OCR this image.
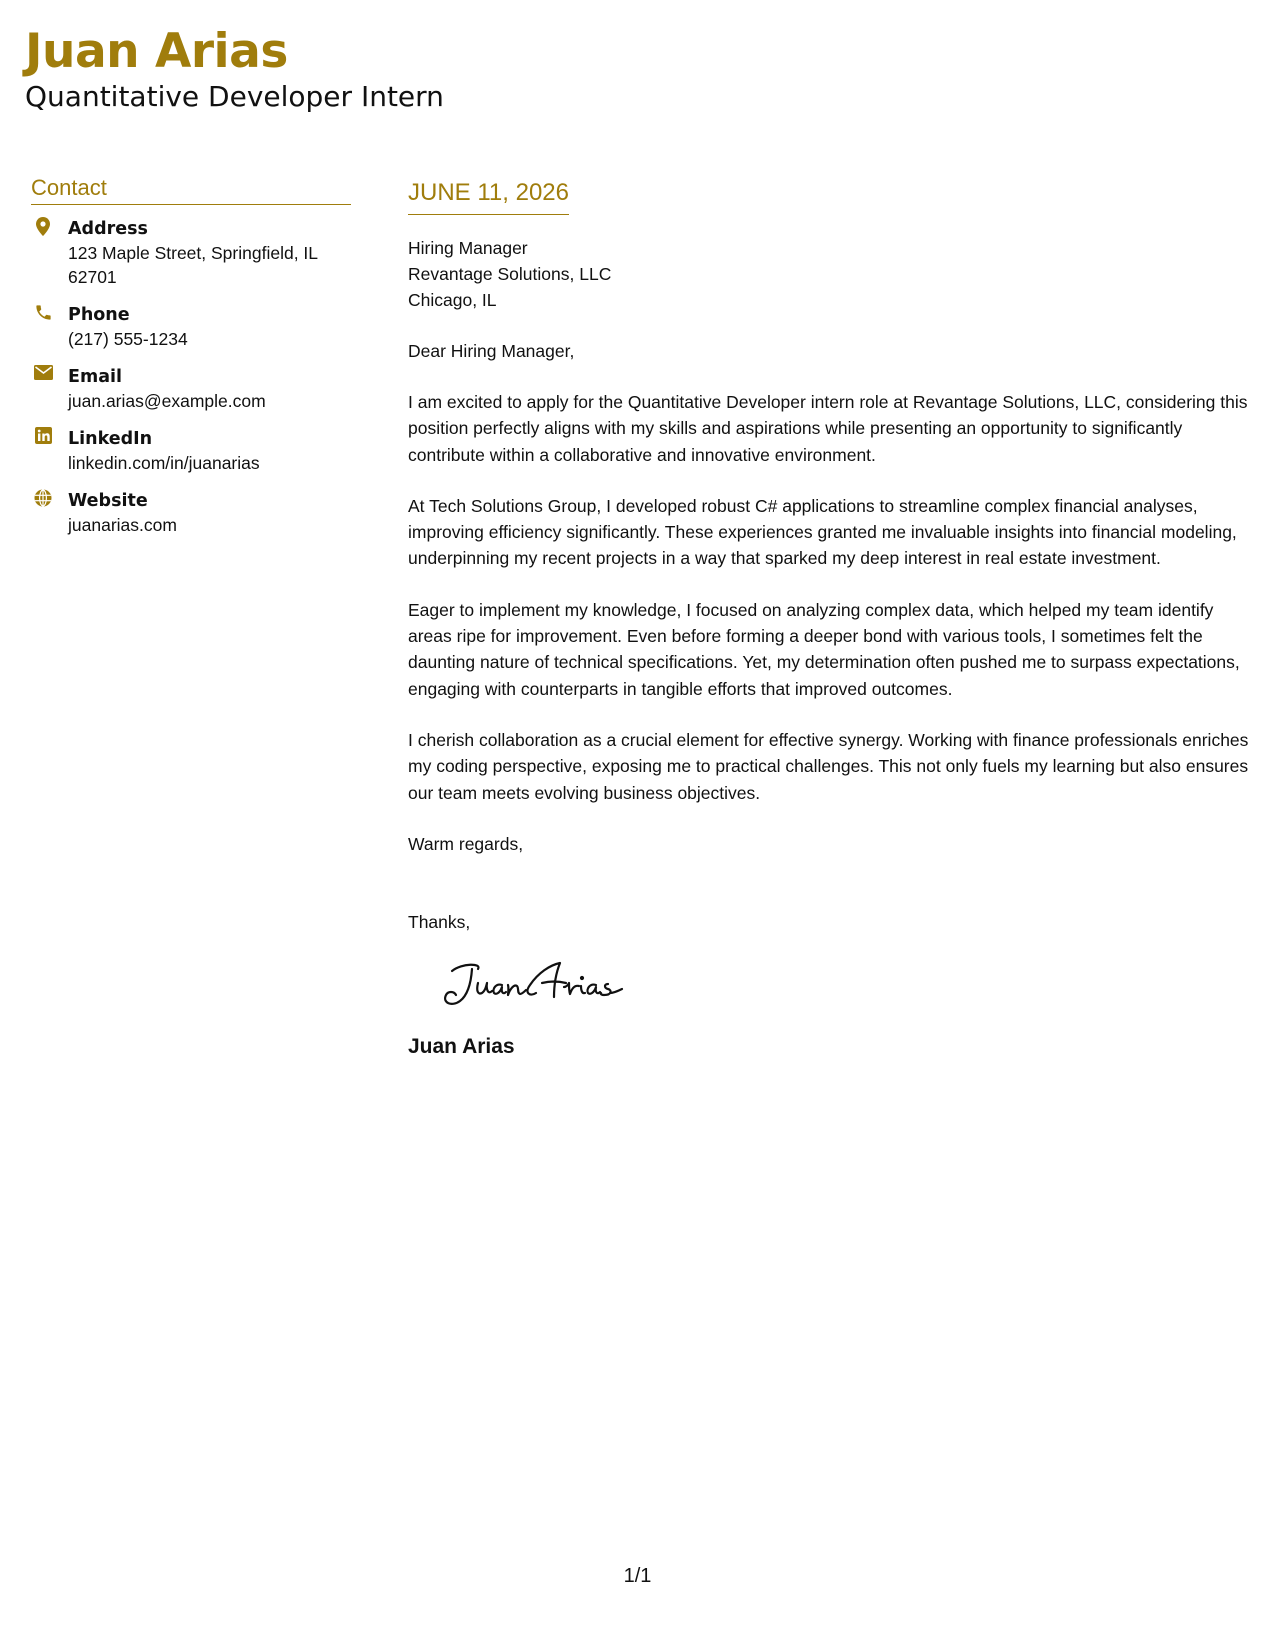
Juan Arias
Quantitative Developer Intern
Contact
Address
123 Maple Street, Springfield, IL
62701
Phone
(217) 555-1234
Email
juan.arias@example.com
LinkedIn
linkedin.com/in/juanarias
Website
juanarias.com
JUNE 11, 2026
Hiring Manager
Revantage Solutions, LLC
Chicago, IL
Dear Hiring Manager,
I am excited to apply for the Quantitative Developer intern role at Revantage Solutions, LLC, considering this position perfectly aligns with my skills and aspirations while presenting an opportunity to significantly contribute within a collaborative and innovative environment.
At Tech Solutions Group, I developed robust C# applications to streamline complex financial analyses, improving efficiency significantly. These experiences granted me invaluable insights into financial modeling, underpinning my recent projects in a way that sparked my deep interest in real estate investment.
Eager to implement my knowledge, I focused on analyzing complex data, which helped my team identify areas ripe for improvement. Even before forming a deeper bond with various tools, I sometimes felt the daunting nature of technical specifications. Yet, my determination often pushed me to surpass expectations, engaging with counterparts in tangible efforts that improved outcomes.
I cherish collaboration as a crucial element for effective synergy. Working with finance professionals enriches my coding perspective, exposing me to practical challenges. This not only fuels my learning but also ensures our team meets evolving business objectives.
Warm regards,
Thanks,
Juan Arias
1/1
